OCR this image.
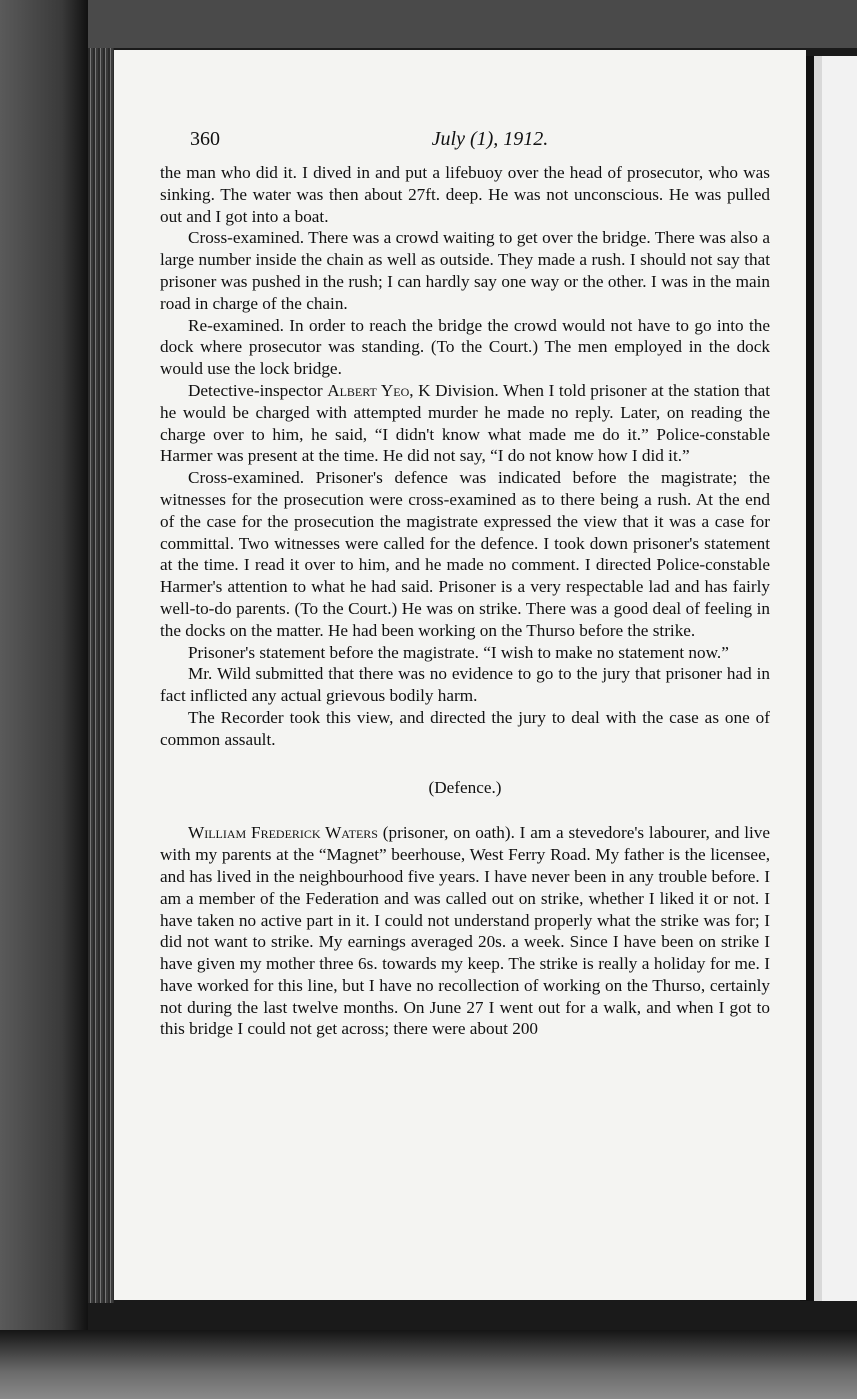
360	July (1), 1912.

the man who did it. I dived in and put a lifebuoy over the head of prosecutor, who was sinking. The water was then about 27ft. deep. He was not unconscious. He was pulled out and I got into a boat.

Cross-examined. There was a crowd waiting to get over the bridge. There was also a large number inside the chain as well as outside. They made a rush. I should not say that prisoner was pushed in the rush; I can hardly say one way or the other. I was in the main road in charge of the chain.

Re-examined. In order to reach the bridge the crowd would not have to go into the dock where prosecutor was standing. (To the Court.) The men employed in the dock would use the lock bridge.

Detective-inspector Albert Yeo, K Division. When I told prisoner at the station that he would be charged with attempted murder he made no reply. Later, on reading the charge over to him, he said, “I didn't know what made me do it.” Police-constable Harmer was present at the time. He did not say, “I do not know how I did it.”

Cross-examined. Prisoner's defence was indicated before the magistrate; the witnesses for the prosecution were cross-examined as to there being a rush. At the end of the case for the prosecution the magistrate expressed the view that it was a case for committal. Two witnesses were called for the defence. I took down prisoner's statement at the time. I read it over to him, and he made no comment. I directed Police-constable Harmer's attention to what he had said. Prisoner is a very respectable lad and has fairly well-to-do parents. (To the Court.) He was on strike. There was a good deal of feeling in the docks on the matter. He had been working on the Thurso before the strike.

Prisoner's statement before the magistrate. “I wish to make no statement now.”

Mr. Wild submitted that there was no evidence to go to the jury that prisoner had in fact inflicted any actual grievous bodily harm.

The Recorder took this view, and directed the jury to deal with the case as one of common assault.

(Defence.)

William Frederick Waters (prisoner, on oath). I am a stevedore's labourer, and live with my parents at the “Magnet” beerhouse, West Ferry Road. My father is the licensee, and has lived in the neighbourhood five years. I have never been in any trouble before. I am a member of the Federation and was called out on strike, whether I liked it or not. I have taken no active part in it. I could not understand properly what the strike was for; I did not want to strike. My earnings averaged 20s. a week. Since I have been on strike I have given my mother three 6s. towards my keep. The strike is really a holiday for me. I have worked for this line, but I have no recollection of working on the Thurso, certainly not during the last twelve months. On June 27 I went out for a walk, and when I got to this bridge I could not get across; there were about 200
